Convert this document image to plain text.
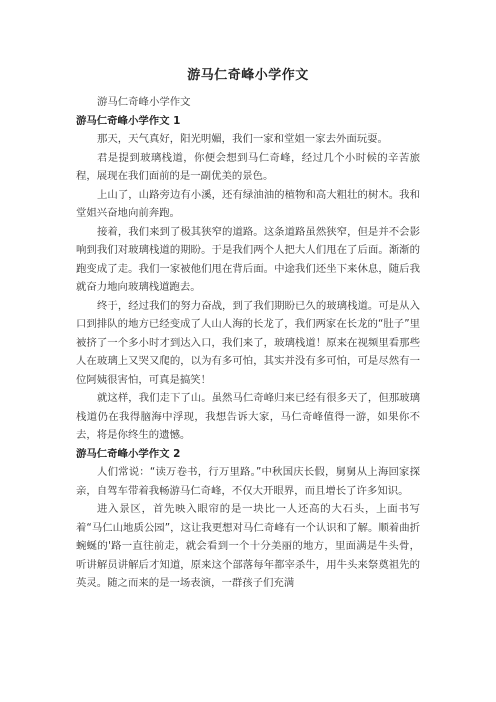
游马仁奇峰小学作文

游马仁奇峰小学作文

游马仁奇峰小学作文 1

那天，天气真好，阳光明媚，我们一家和堂姐一家去外面玩耍。

君是提到玻璃栈道，你便会想到马仁奇峰，经过几个小时候的辛苦旅程，展现在我们面前的是一副优美的景色。

上山了，山路旁边有小溪，还有绿油油的植物和高大粗壮的树木。我和堂姐兴奋地向前奔跑。

接着，我们来到了极其狭窄的道路。这条道路虽然狭窄，但是并不会影响到我们对玻璃栈道的期盼。于是我们两个人把大人们甩在了后面。渐渐的跑变成了走。我们一家被他们甩在背后面。中途我们还坐下来休息，随后我就奋力地向玻璃栈道跑去。

终于，经过我们的努力奋战，到了我们期盼已久的玻璃栈道。可是从入口到排队的地方已经变成了人山人海的长龙了，我们两家在长龙的“肚子”里被挤了一个多小时才到达入口，我们来了，玻璃栈道！原来在视频里看那些人在玻璃上又哭又爬的，以为有多可怕，其实并没有多可怕，可是尽然有一位阿姨很害怕，可真是搞笑！

就这样，我们走下了山。虽然马仁奇峰归来已经有很多天了，但那玻璃栈道仍在我得脑海中浮现，我想告诉大家，马仁奇峰值得一游，如果你不去，将是你终生的遗憾。

游马仁奇峰小学作文 2

人们常说：“读万卷书，行万里路。”中秋国庆长假，舅舅从上海回家探亲，自驾车带着我畅游马仁奇峰，不仅大开眼界，而且增长了许多知识。

进入景区，首先映入眼帘的是一块比一人还高的大石头，上面书写着“马仁山地质公园”，这让我更想对马仁奇峰有一个认识和了解。顺着曲折蜿蜒的'路一直往前走，就会看到一个十分美丽的地方，里面满是牛头骨，听讲解员讲解后才知道，原来这个部落每年都宰杀牛，用牛头来祭奠祖先的英灵。随之而来的是一场表演，一群孩子们充满
